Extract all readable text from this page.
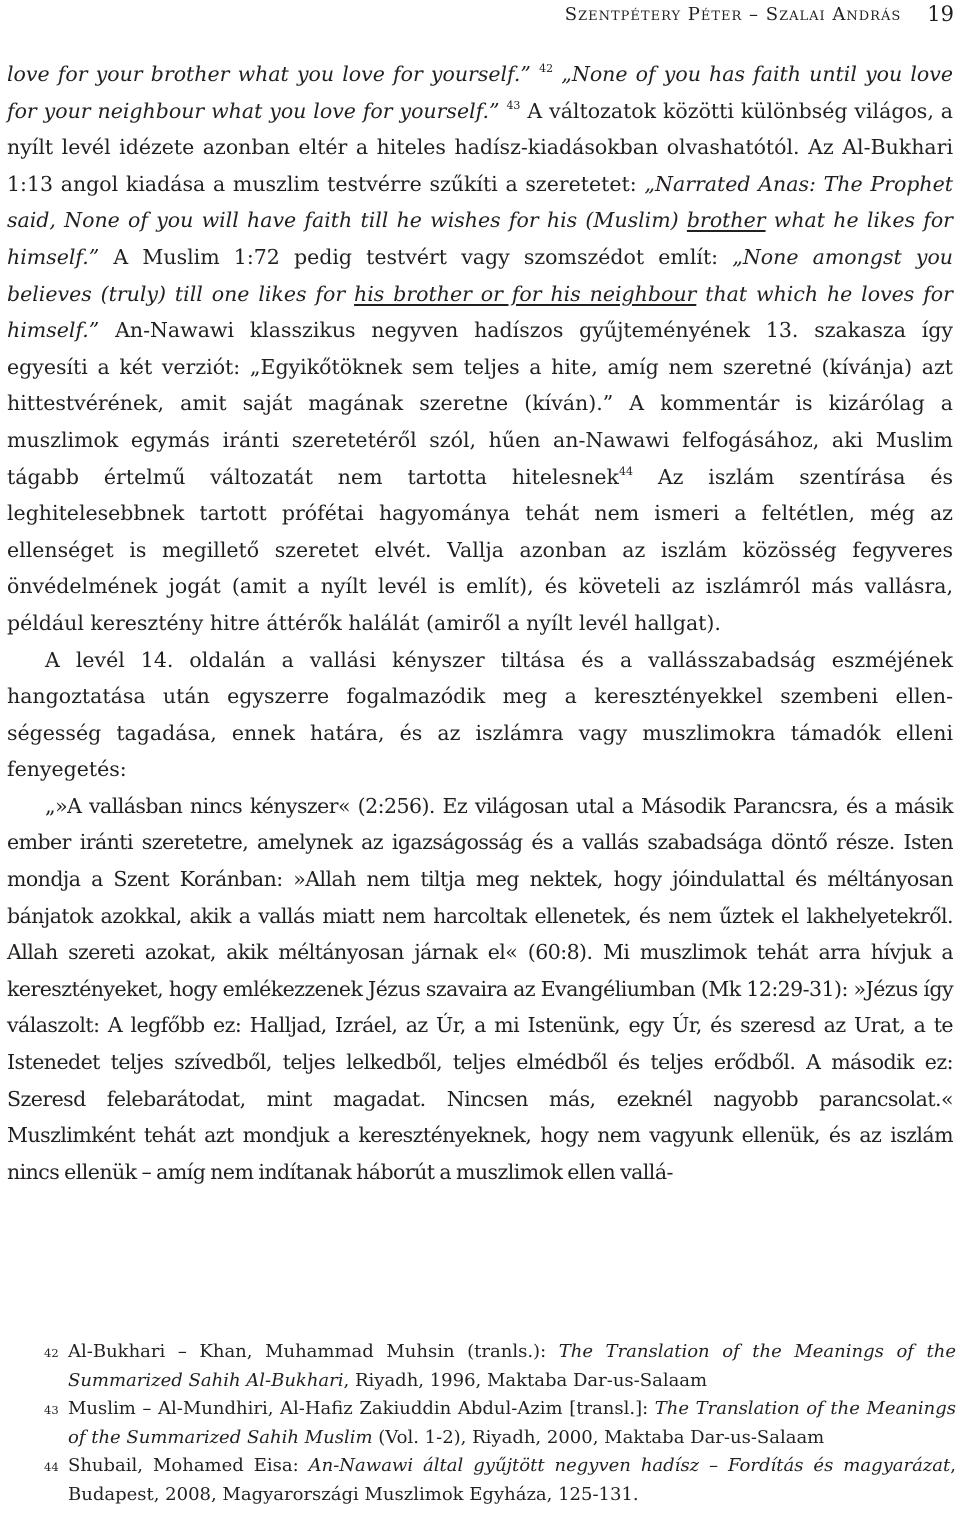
Szentpétery Péter – Szalai András 19

love for your brother what you love for yourself.” $^{42}$ „None of you has faith until you love for your neighbour what you love for yourself.” $^{43}$ A változatok közötti különbség világos, a nyílt levél idézete azonban eltér a hiteles hadísz-kiadásokban olvashatótól. Az Al-Bukhari 1:13 angol kiadása a muszlim testvérre szűkíti a szeretetet: „Narrated Anas: The Prophet said, None of you will have faith till he wishes for his (Muslim) brother what he likes for himself.” A Muslim 1:72 pedig testvért vagy szomszédot említ: „None amongst you believes (truly) till one likes for his brother or for his neighbour that which he loves for himself.” An-Nawawi klasszikus negyven hadíszos gyűjteményének 13. szakasza így egyesíti a két verziót: „Egyikőtöknek sem teljes a hite, amíg nem szeretné (kívánja) azt hittestvérének, amit saját magának szeretne (kíván).” A kommentár is kizárólag a muszlimok egymás iránti szeretetéről szól, hűen an-Nawawi felfogásához, aki Muslim tágabb értelmű változatát nem tartotta hitelesnek$^{44}$ Az iszlám szentírása és leghitelesebbnek tartott prófétai hagyománya tehát nem ismeri a feltétlen, még az ellenséget is megillető szeretet elvét. Vallja azonban az iszlám közösség fegyveres önvédelmének jogát (amit a nyílt levél is említ), és követeli az iszlámról más vallásra, például keresztény hitre áttérők halálát (amiről a nyílt levél hallgat).

A levél 14. oldalán a vallási kényszer tiltása és a vallásszabadság eszméjének hangoztatása után egyszerre fogalmazódik meg a keresztényekkel szembeni ellenségesség tagadása, ennek határa, és az iszlámra vagy muszlimokra támadók elleni fenyegetés:

„»A vallásban nincs kényszer« (2:256). Ez világosan utal a Második Parancsra, és a másik ember iránti szeretetre, amelynek az igazságosság és a vallás szabadsága döntő része. Isten mondja a Szent Koránban: »Allah nem tiltja meg nektek, hogy jóindulattal és méltányosan bánjatok azokkal, akik a vallás miatt nem harcoltak ellenetek, és nem űztek el lakhelyetekről. Allah szereti azokat, akik méltányosan járnak el« (60:8). Mi muszlimok tehát arra hívjuk a keresztényeket, hogy emlékezzenek Jézus szavaira az Evangéliumban (Mk 12:29-31): »Jézus így válaszolt: A legfőbb ez: Halljad, Izráel, az Úr, a mi Istenünk, egy Úr, és szeresd az Urat, a te Istenedet teljes szívedből, teljes lelkedből, teljes elmédből és teljes erődből. A második ez: Szeresd felebarátodat, mint magadat. Nincsen más, ezeknél nagyobb parancsolat.« Muszlimként tehát azt mondjuk a keresztényeknek, hogy nem vagyunk ellenük, és az iszlám nincs ellenük – amíg nem indítanak háborút a muszlimok ellen vallá-

42 Al-Bukhari – Khan, Muhammad Muhsin (tranls.): The Translation of the Meanings of the Summarized Sahih Al-Bukhari, Riyadh, 1996, Maktaba Dar-us-Salaam
43 Muslim – Al-Mundhiri, Al-Hafiz Zakiuddin Abdul-Azim [transl.]: The Translation of the Meanings of the Summarized Sahih Muslim (Vol. 1-2), Riyadh, 2000, Maktaba Dar-us-Salaam
44 Shubail, Mohamed Eisa: An-Nawawi által gyűjtött negyven hadísz – Fordítás és magyarázat, Budapest, 2008, Magyarországi Muszlimok Egyháza, 125-131.
